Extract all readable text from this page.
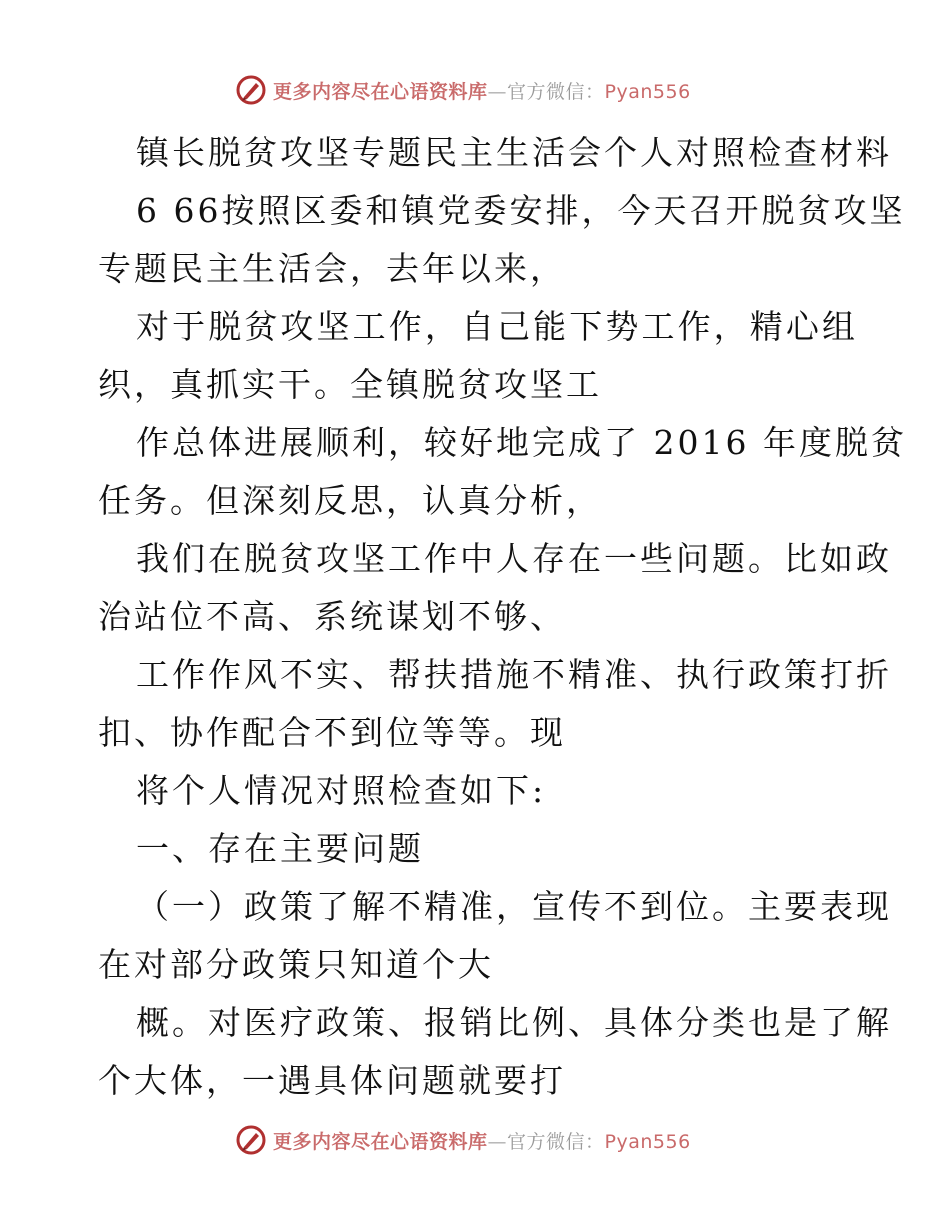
更多内容尽在心语资料库—官方微信：Pyan556
镇长脱贫攻坚专题民主生活会个人对照检查材料
6 66按照区委和镇党委安排，今天召开脱贫攻坚
专题民主生活会，去年以来，
对于脱贫攻坚工作，自己能下势工作，精心组
织，真抓实干。全镇脱贫攻坚工
作总体进展顺利，较好地完成了 2016 年度脱贫
任务。但深刻反思，认真分析，
我们在脱贫攻坚工作中人存在一些问题。比如政
治站位不高、系统谋划不够、
工作作风不实、帮扶措施不精准、执行政策打折
扣、协作配合不到位等等。现
将个人情况对照检查如下:
一、存在主要问题
（一）政策了解不精准，宣传不到位。主要表现
在对部分政策只知道个大
概。对医疗政策、报销比例、具体分类也是了解
个大体，一遇具体问题就要打
更多内容尽在心语资料库—官方微信：Pyan556
